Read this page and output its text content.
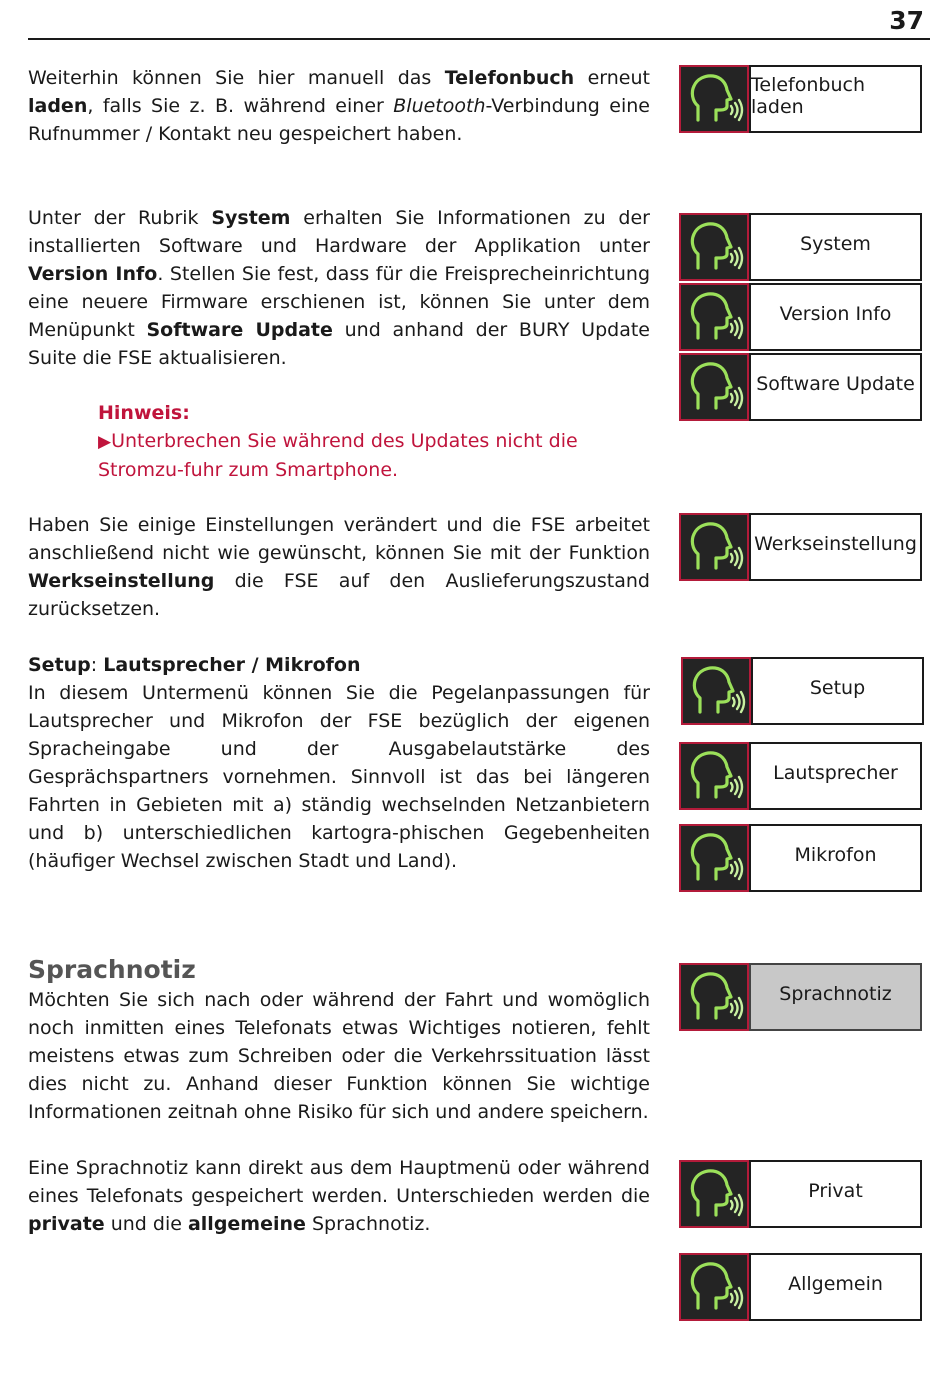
37

Weiterhin können Sie hier manuell das Telefonbuch erneut laden, falls Sie z. B. während einer Bluetooth-Verbindung eine Rufnummer / Kontakt neu gespeichert haben.

Unter der Rubrik System erhalten Sie Informationen zu der installierten Software und Hardware der Applikation unter Version Info. Stellen Sie fest, dass für die Freisprecheinrichtung eine neuere Firmware erschienen ist, können Sie unter dem Menüpunkt Software Update und anhand der BURY Update Suite die FSE aktualisieren.

Hinweis:
▶Unterbrechen Sie während des Updates nicht die Stromzu-fuhr zum Smartphone.

Haben Sie einige Einstellungen verändert und die FSE arbeitet anschließend nicht wie gewünscht, können Sie mit der Funktion Werkseinstellung die FSE auf den Auslieferungszustand zurücksetzen.

Setup: Lautsprecher / Mikrofon
In diesem Untermenü können Sie die Pegelanpassungen für Lautsprecher und Mikrofon der FSE bezüglich der eigenen Spracheingabe und der Ausgabelautstärke des Gesprächspartners vornehmen. Sinnvoll ist das bei längeren Fahrten in Gebieten mit a) ständig wechselnden Netzanbietern und b) unterschiedlichen kartogra-phischen Gegebenheiten (häufiger Wechsel zwischen Stadt und Land).

Sprachnotiz

Möchten Sie sich nach oder während der Fahrt und womöglich noch inmitten eines Telefonats etwas Wichtiges notieren, fehlt meistens etwas zum Schreiben oder die Verkehrssituation lässt dies nicht zu. Anhand dieser Funktion können Sie wichtige Informationen zeitnah ohne Risiko für sich und andere speichern.

Eine Sprachnotiz kann direkt aus dem Hauptmenü oder während eines Telefonats gespeichert werden. Unterschieden werden die private und die allgemeine Sprachnotiz.

Telefonbuch laden
System
Version Info
Software Update
Werkseinstellung
Setup
Lautsprecher
Mikrofon
Sprachnotiz
Privat
Allgemein
